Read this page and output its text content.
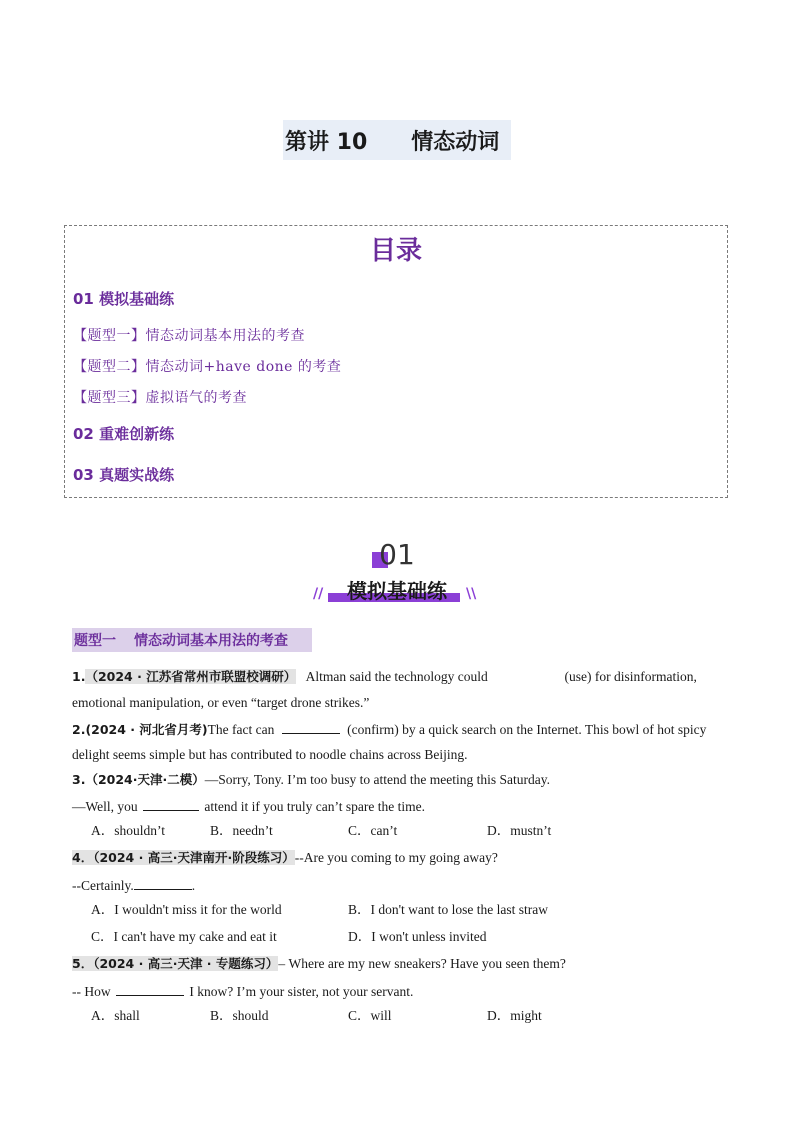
第讲 10 情态动词
目录
01 模拟基础练
【题型一】情态动词基本用法的考查
【题型二】情态动词+have done 的考查
【题型三】虚拟语气的考查
02 重难创新练
03 真题实战练
01
模拟基础练
//	\\
题型一 情态动词基本用法的考查
1.（2024 · 江苏省常州市联盟校调研） Altman said the technology could	(use) for disinformation,
emotional manipulation, or even “target drone strikes.”
2.(2024 · 河北省月考)The fact can	(confirm) by a quick search on the Internet. This bowl of hot spicy
delight seems simple but has contributed to noodle chains across Beijing.
3.（2024·天津·二模）—Sorry, Tony. I’m too busy to attend the meeting this Saturday.
—Well, you	attend it if you truly can’t spare the time.
A．shouldn’t	B．needn’t	C．can’t	D．mustn’t
4．（2024 · 高三·天津南开·阶段练习）--Are you coming to my going away?
--Certainly.	.
A．I wouldn't miss it for the world	B．I don't want to lose the last straw
C．I can't have my cake and eat it	D．I won't unless invited
5．（2024 · 高三·天津 · 专题练习）– Where are my new sneakers? Have you seen them?
-- How	I know? I’m your sister, not your servant.
A．shall	B．should	C．will	D．might
